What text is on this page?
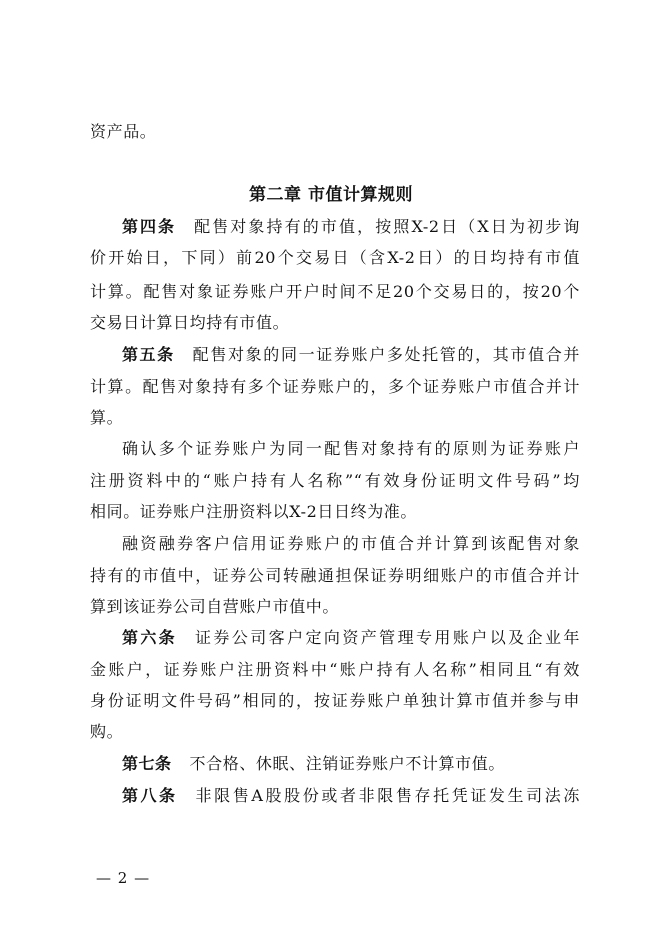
资产品。
第二章 市值计算规则
第四条 配售对象持有的市值，按照X-2日（X日为初步询
价开始日，下同）前20个交易日（含X-2日）的日均持有市值
计算。配售对象证券账户开户时间不足20个交易日的，按20个
交易日计算日均持有市值。
第五条 配售对象的同一证券账户多处托管的，其市值合并
计算。配售对象持有多个证券账户的，多个证券账户市值合并计
算。
确认多个证券账户为同一配售对象持有的原则为证券账户
注册资料中的“账户持有人名称”“有效身份证明文件号码”均
相同。证券账户注册资料以X-2日日终为准。
融资融券客户信用证券账户的市值合并计算到该配售对象
持有的市值中，证券公司转融通担保证券明细账户的市值合并计
算到该证券公司自营账户市值中。
第六条 证券公司客户定向资产管理专用账户以及企业年
金账户，证券账户注册资料中“账户持有人名称”相同且“有效
身份证明文件号码”相同的，按证券账户单独计算市值并参与申
购。
第七条 不合格、休眠、注销证券账户不计算市值。
第八条 非限售A股股份或者非限售存托凭证发生司法冻
— 2 —
